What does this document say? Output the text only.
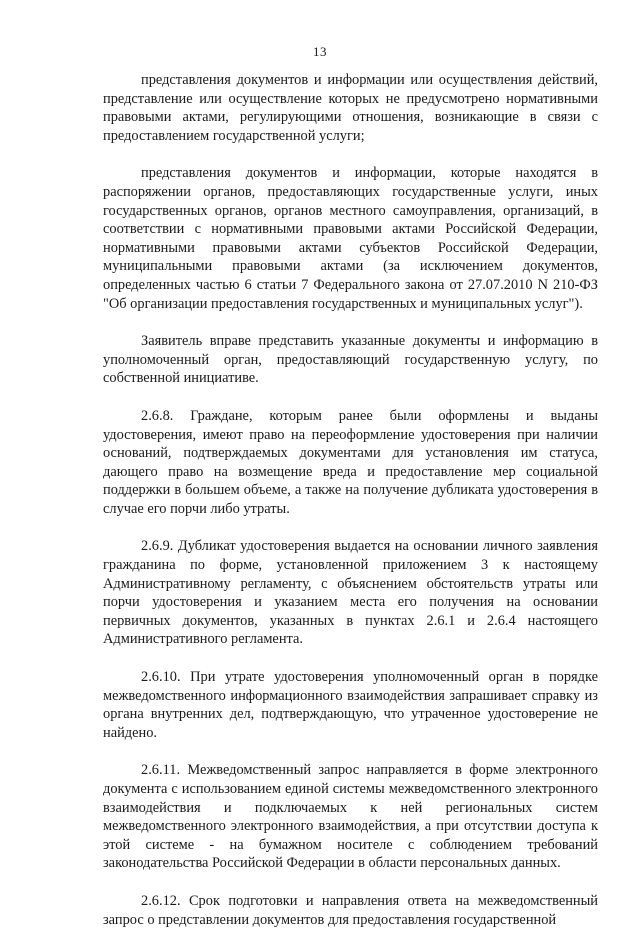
13

представления документов и информации или осуществления действий, представление или осуществление которых не предусмотрено нормативными правовыми актами, регулирующими отношения, возникающие в связи с предоставлением государственной услуги;

представления документов и информации, которые находятся в распоряжении органов, предоставляющих государственные услуги, иных государственных органов, органов местного самоуправления, организаций, в соответствии с нормативными правовыми актами Российской Федерации, нормативными правовыми актами субъектов Российской Федерации, муниципальными правовыми актами (за исключением документов, определенных частью 6 статьи 7 Федерального закона от 27.07.2010 N 210-ФЗ "Об организации предоставления государственных и муниципальных услуг").

Заявитель вправе представить указанные документы и информацию в уполномоченный орган, предоставляющий государственную услугу, по собственной инициативе.

2.6.8. Граждане, которым ранее были оформлены и выданы удостоверения, имеют право на переоформление удостоверения при наличии оснований, подтверждаемых документами для установления им статуса, дающего право на возмещение вреда и предоставление мер социальной поддержки в большем объеме, а также на получение дубликата удостоверения в случае его порчи либо утраты.

2.6.9. Дубликат удостоверения выдается на основании личного заявления гражданина по форме, установленной приложением 3 к настоящему Административному регламенту, с объяснением обстоятельств утраты или порчи удостоверения и указанием места его получения на основании первичных документов, указанных в пунктах 2.6.1 и 2.6.4 настоящего Административного регламента.

2.6.10. При утрате удостоверения уполномоченный орган в порядке межведомственного информационного взаимодействия запрашивает справку из органа внутренних дел, подтверждающую, что утраченное удостоверение не найдено.

2.6.11. Межведомственный запрос направляется в форме электронного документа с использованием единой системы межведомственного электронного взаимодействия и подключаемых к ней региональных систем межведомственного электронного взаимодействия, а при отсутствии доступа к этой системе - на бумажном носителе с соблюдением требований законодательства Российской Федерации в области персональных данных.

2.6.12. Срок подготовки и направления ответа на межведомственный запрос о представлении документов для предоставления государственной
